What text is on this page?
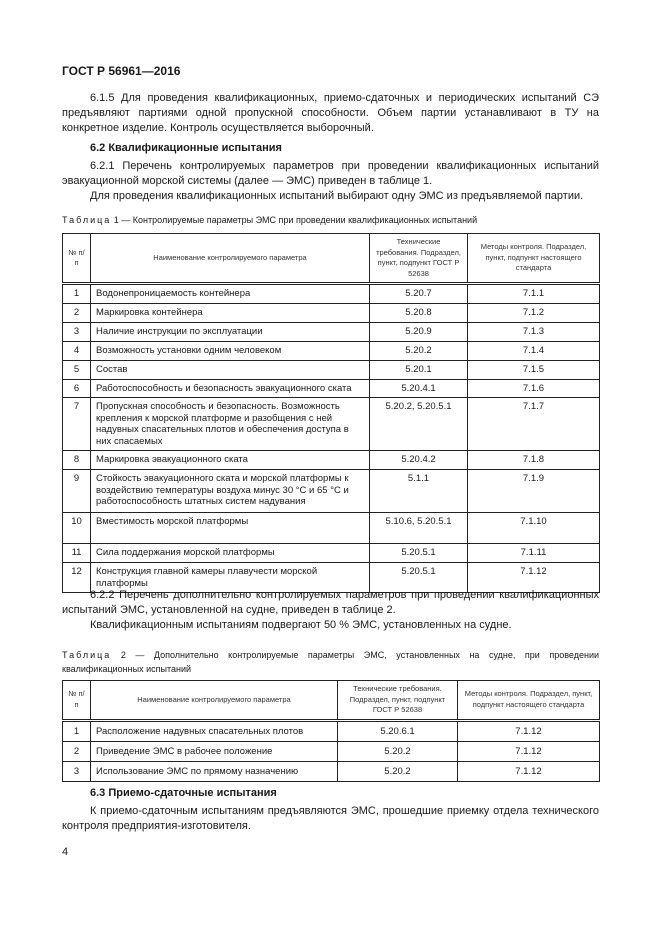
ГОСТ Р 56961—2016

6.1.5 Для проведения квалификационных, приемо-сдаточных и периодических испытаний СЭ предъявляют партиями одной пропускной способности. Объем партии устанавливают в ТУ на конкретное изделие. Контроль осуществляется выборочный.

6.2 Квалификационные испытания

6.2.1 Перечень контролируемых параметров при проведении квалификационных испытаний эвакуационной морской системы (далее — ЭМС) приведен в таблице 1.

Для проведения квалификационных испытаний выбирают одну ЭМС из предъявляемой партии.

Таблица 1 — Контролируемые параметры ЭМС при проведении квалификационных испытаний
№ п/п	Наименование контролируемого параметра	Технические требования. Подраздел, пункт, подпункт ГОСТ Р 52638	Методы контроля. Подраздел, пункт, подпункт настоящего стандарта
1	Водонепроницаемость контейнера	5.20.7	7.1.1
2	Маркировка контейнера	5.20.8	7.1.2
3	Наличие инструкции по эксплуатации	5.20.9	7.1.3
4	Возможность установки одним человеком	5.20.2	7.1.4
5	Состав	5.20.1	7.1.5
6	Работоспособность и безопасность эвакуационного ската	5.20.4.1	7.1.6
7	Пропускная способность и безопасность. Возможность крепления к морской платформе и разобщения с ней надувных спасательных плотов и обеспечения доступа в них спасаемых	5.20.2, 5.20.5.1	7.1.7
8	Маркировка эвакуационного ската	5.20.4.2	7.1.8
9	Стойкость эвакуационного ската и морской платформы к воздействию температуры воздуха минус 30 °С и 65 °С и работоспособность штатных систем надувания	5.1.1	7.1.9
10	Вместимость морской платформы	5.10.6, 5.20.5.1	7.1.10
11	Сила поддержания морской платформы	5.20.5.1	7.1.11
12	Конструкция главной камеры плавучести морской платформы	5.20.5.1	7.1.12

6.2.2 Перечень дополнительно контролируемых параметров при проведении квалификационных испытаний ЭМС, установленной на судне, приведен в таблице 2.

Квалификационным испытаниям подвергают 50 % ЭМС, установленных на судне.

Таблица 2 — Дополнительно контролируемые параметры ЭМС, установленных на судне, при проведении квалификационных испытаний
№ п/п	Наименование контролируемого параметра	Технические требования. Подраздел, пункт, подпункт ГОСТ Р 52638	Методы контроля. Подраздел, пункт, подпункт настоящего стандарта
1	Расположение надувных спасательных плотов	5.20.6.1	7.1.12
2	Приведение ЭМС в рабочее положение	5.20.2	7.1.12
3	Использование ЭМС по прямому назначению	5.20.2	7.1.12
6.3 Приемо-сдаточные испытания

К приемо-сдаточным испытаниям предъявляются ЭМС, прошедшие приемку отдела технического контроля предприятия-изготовителя.

4
